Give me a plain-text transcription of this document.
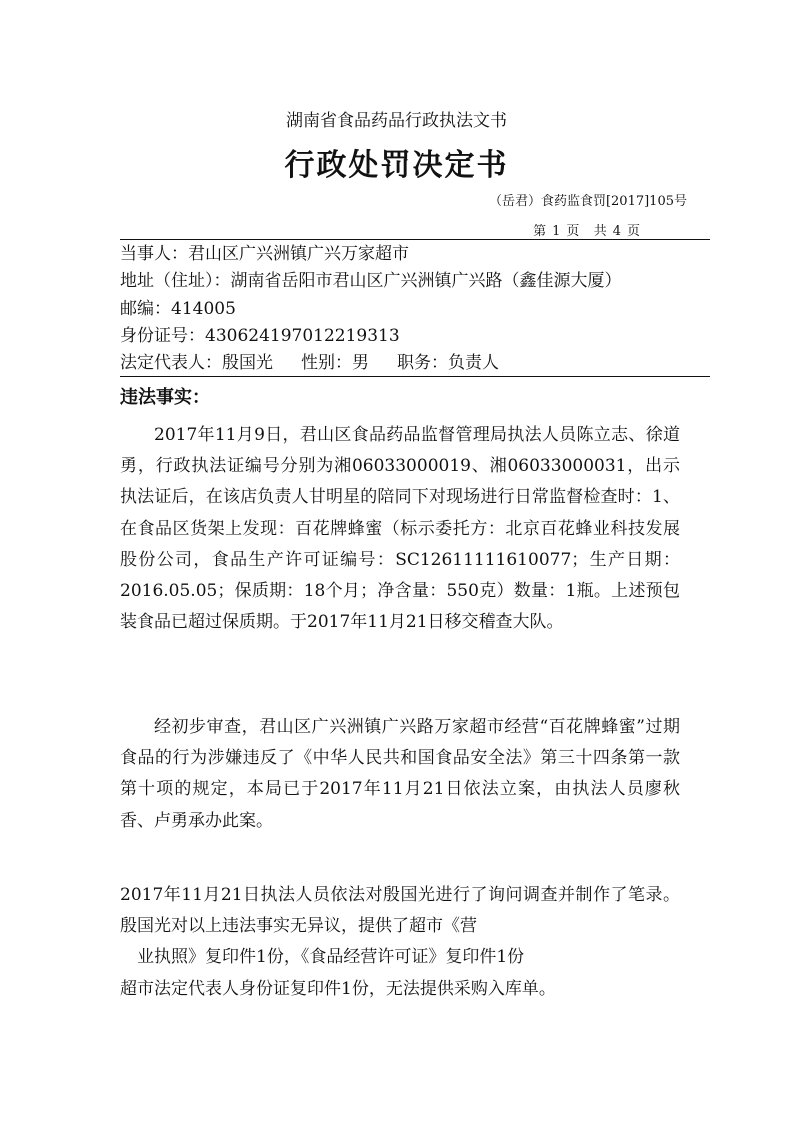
湖南省食品药品行政执法文书
行政处罚决定书
（岳君）食药监食罚[2017]105号
第 1 页 共 4 页
当事人：君山区广兴洲镇广兴万家超市
地址（住址）：湖南省岳阳市君山区广兴洲镇广兴路（鑫佳源大厦）
邮编：414005
身份证号：430624197012219313
法定代表人：殷国光 性别：男 职务：负责人
违法事实：
2017年11月9日，君山区食品药品监督管理局执法人员陈立志、徐道勇，行政执法证编号分别为湘06033000019、湘06033000031，出示执法证后，在该店负责人甘明星的陪同下对现场进行日常监督检查时：1、在食品区货架上发现：百花牌蜂蜜（标示委托方：北京百花蜂业科技发展股份公司，食品生产许可证编号：SC12611111610077；生产日期：2016.05.05；保质期：18个月；净含量：550克）数量：1瓶。上述预包装食品已超过保质期。于2017年11月21日移交稽查大队。
经初步审查，君山区广兴洲镇广兴路万家超市经营“百花牌蜂蜜”过期食品的行为涉嫌违反了《中华人民共和国食品安全法》第三十四条第一款第十项的规定，本局已于2017年11月21日依法立案，由执法人员廖秋香、卢勇承办此案。
2017年11月21日执法人员依法对殷国光进行了询问调查并制作了笔录。殷国光对以上违法事实无异议，提供了超市《营
业执照》复印件1份，《食品经营许可证》复印件1份
超市法定代表人身份证复印件1份，无法提供采购入库单。
